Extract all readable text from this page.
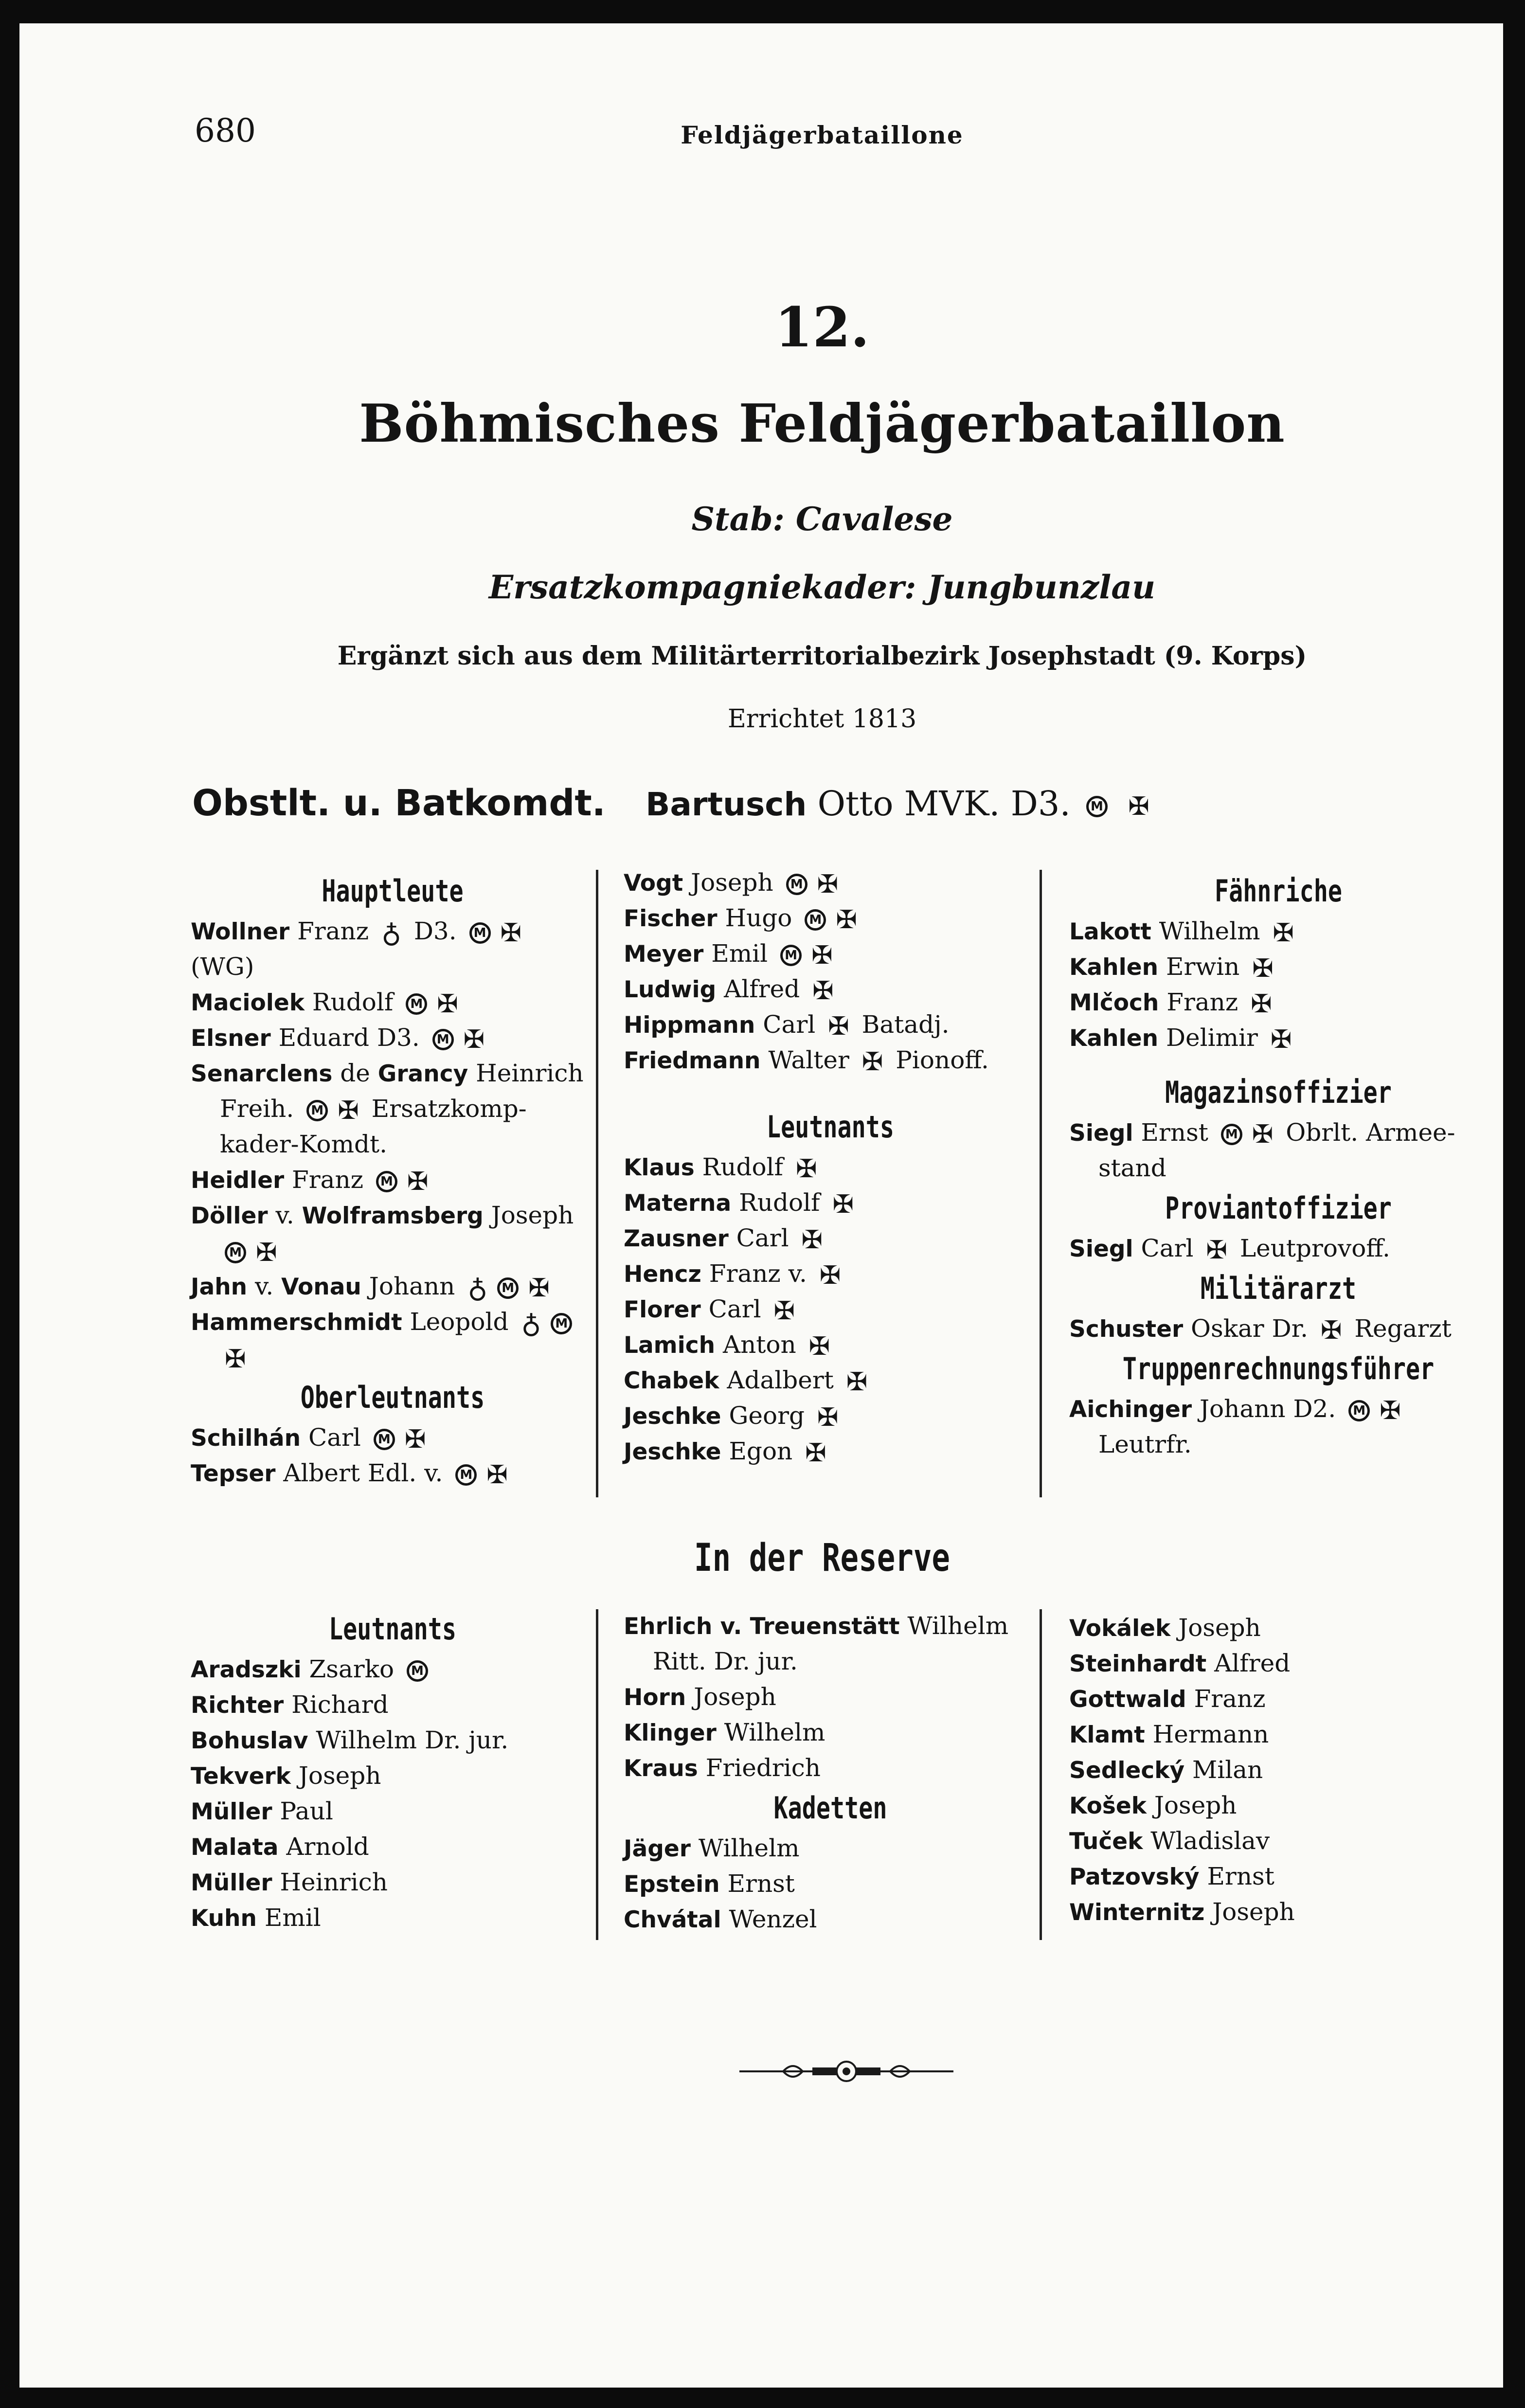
680	Feldjägerbataillone
12.
Böhmisches Feldjägerbataillon
Stab: Cavalese
Ersatzkompagniekader: Jungbunzlau
Ergänzt sich aus dem Militärterritorialbezirk Josephstadt (9. Korps)
Errichtet 1813
Obstlt. u. Batkomdt. Bartusch Otto MVK. D3. M ✠
Hauptleute
Wollner Franz ♁ D3. M ✠
(WG)
Maciolek Rudolf M ✠
Elsner Eduard D3. M ✠
Senarclens de Grancy Heinrich
Freih. M ✠ Ersatzkomp-
kader-Komdt.
Heidler Franz M ✠
Döller v. Wolframsberg Joseph
M ✠
Jahn v. Vonau Johann ♁ M ✠
Hammerschmidt Leopold ♁ M
✠
Oberleutnants
Schilhán Carl M ✠
Tepser Albert Edl. v. M ✠
Vogt Joseph M ✠
Fischer Hugo M ✠
Meyer Emil M ✠
Ludwig Alfred ✠
Hippmann Carl ✠ Batadj.
Friedmann Walter ✠ Pionoff.
Leutnants
Klaus Rudolf ✠
Materna Rudolf ✠
Zausner Carl ✠
Hencz Franz v. ✠
Florer Carl ✠
Lamich Anton ✠
Chabek Adalbert ✠
Jeschke Georg ✠
Jeschke Egon ✠
Fähnriche
Lakott Wilhelm ✠
Kahlen Erwin ✠
Mlčoch Franz ✠
Kahlen Delimir ✠
Magazinsoffizier
Siegl Ernst M ✠ Obrlt. Armee-
stand
Proviantoffizier
Siegl Carl ✠ Leutprovoff.
Militärarzt
Schuster Oskar Dr. ✠ Regarzt
Truppenrechnungsführer
Aichinger Johann D2. M ✠
Leutrfr.
In der Reserve
Leutnants
Aradszki Zsarko M
Richter Richard
Bohuslav Wilhelm Dr. jur.
Tekverk Joseph
Müller Paul
Malata Arnold
Müller Heinrich
Kuhn Emil
Ehrlich v. Treuenstätt Wilhelm
Ritt. Dr. jur.
Horn Joseph
Klinger Wilhelm
Kraus Friedrich
Kadetten
Jäger Wilhelm
Epstein Ernst
Chvátal Wenzel
Vokálek Joseph
Steinhardt Alfred
Gottwald Franz
Klamt Hermann
Sedlecký Milan
Košek Joseph
Tuček Wladislav
Patzovský Ernst
Winternitz Joseph
